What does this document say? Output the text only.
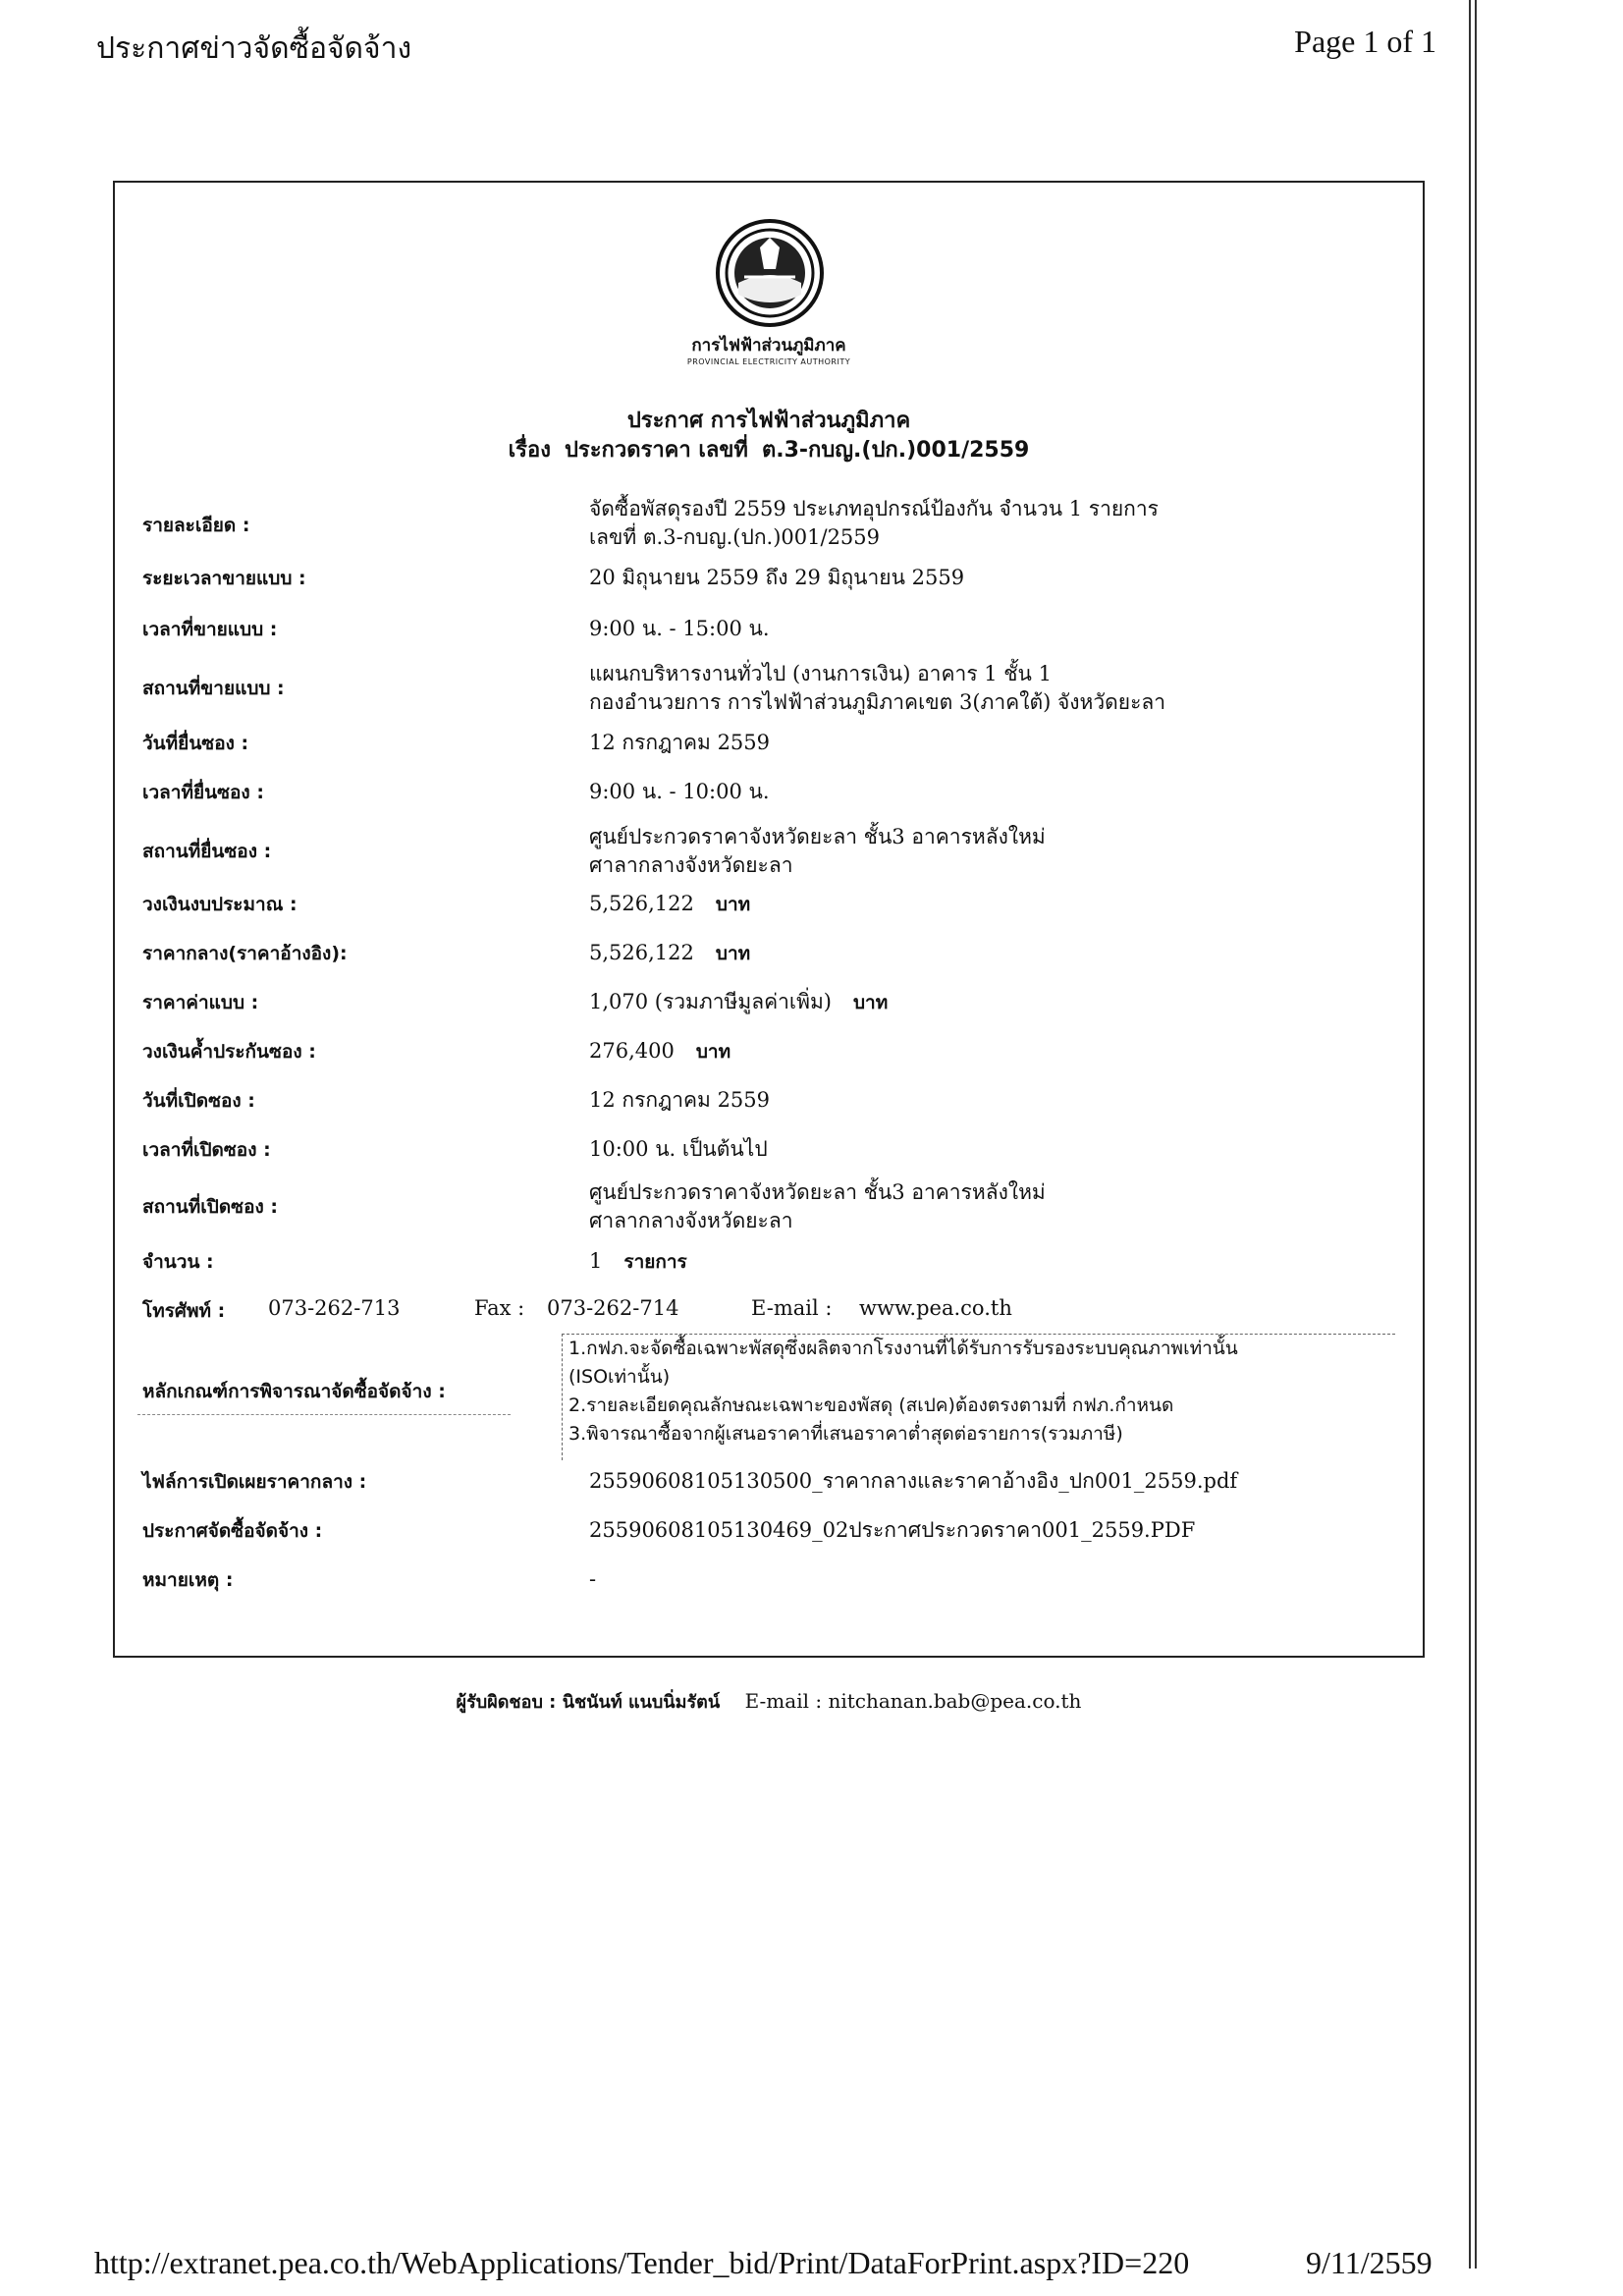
ประกาศข่าวจัดซื้อจัดจ้าง	Page 1 of 1
การไฟฟ้าส่วนภูมิภาค
PROVINCIAL ELECTRICITY AUTHORITY
ประกาศ การไฟฟ้าส่วนภูมิภาค
เรื่อง ประกวดราคา เลขที่ ต.3-กบญ.(ปก.)001/2559
รายละเอียด :
จัดซื้อพัสดุรองปี 2559 ประเภทอุปกรณ์ป้องกัน จำนวน 1 รายการ
เลขที่ ต.3-กบญ.(ปก.)001/2559
ระยะเวลาขายแบบ :	20 มิถุนายน 2559 ถึง 29 มิถุนายน 2559
เวลาที่ขายแบบ :	9:00 น. - 15:00 น.
สถานที่ขายแบบ :
แผนกบริหารงานทั่วไป (งานการเงิน) อาคาร 1 ชั้น 1
กองอำนวยการ การไฟฟ้าส่วนภูมิภาคเขต 3(ภาคใต้) จังหวัดยะลา
วันที่ยื่นซอง :	12 กรกฎาคม 2559
เวลาที่ยื่นซอง :	9:00 น. - 10:00 น.
สถานที่ยื่นซอง :
ศูนย์ประกวดราคาจังหวัดยะลา ชั้น3 อาคารหลังใหม่
ศาลากลางจังหวัดยะลา
วงเงินงบประมาณ :	5,526,122 บาท
ราคากลาง(ราคาอ้างอิง):	5,526,122 บาท
ราคาค่าแบบ :	1,070 (รวมภาษีมูลค่าเพิ่ม) บาท
วงเงินค้ำประกันซอง :	276,400 บาท
วันที่เปิดซอง :	12 กรกฎาคม 2559
เวลาที่เปิดซอง :	10:00 น. เป็นต้นไป
สถานที่เปิดซอง :
ศูนย์ประกวดราคาจังหวัดยะลา ชั้น3 อาคารหลังใหม่
ศาลากลางจังหวัดยะลา
จำนวน :	1 รายการ
โทรศัพท์ : 073-262-713	Fax : 073-262-714	E-mail : www.pea.co.th
หลักเกณฑ์การพิจารณาจัดซื้อจัดจ้าง :
1.กฟภ.จะจัดซื้อเฉพาะพัสดุซึ่งผลิตจากโรงงานที่ได้รับการรับรองระบบคุณภาพเท่านั้น
(ISOเท่านั้น)
2.รายละเอียดคุณลักษณะเฉพาะของพัสดุ (สเปค)ต้องตรงตามที่ กฟภ.กำหนด
3.พิจารณาซื้อจากผู้เสนอราคาที่เสนอราคาต่ำสุดต่อรายการ(รวมภาษี)
ไฟล์การเปิดเผยราคากลาง :	25590608105130500_ราคากลางและราคาอ้างอิง_ปก001_2559.pdf
ประกาศจัดซื้อจัดจ้าง :	25590608105130469_02ประกาศประกวดราคา001_2559.PDF
หมายเหตุ :	-
ผู้รับผิดชอบ : นิชนันท์ แนบนิ่มรัตน์ E-mail : nitchanan.bab@pea.co.th
http://extranet.pea.co.th/WebApplications/Tender_bid/Print/DataForPrint.aspx?ID=220	9/11/2559
